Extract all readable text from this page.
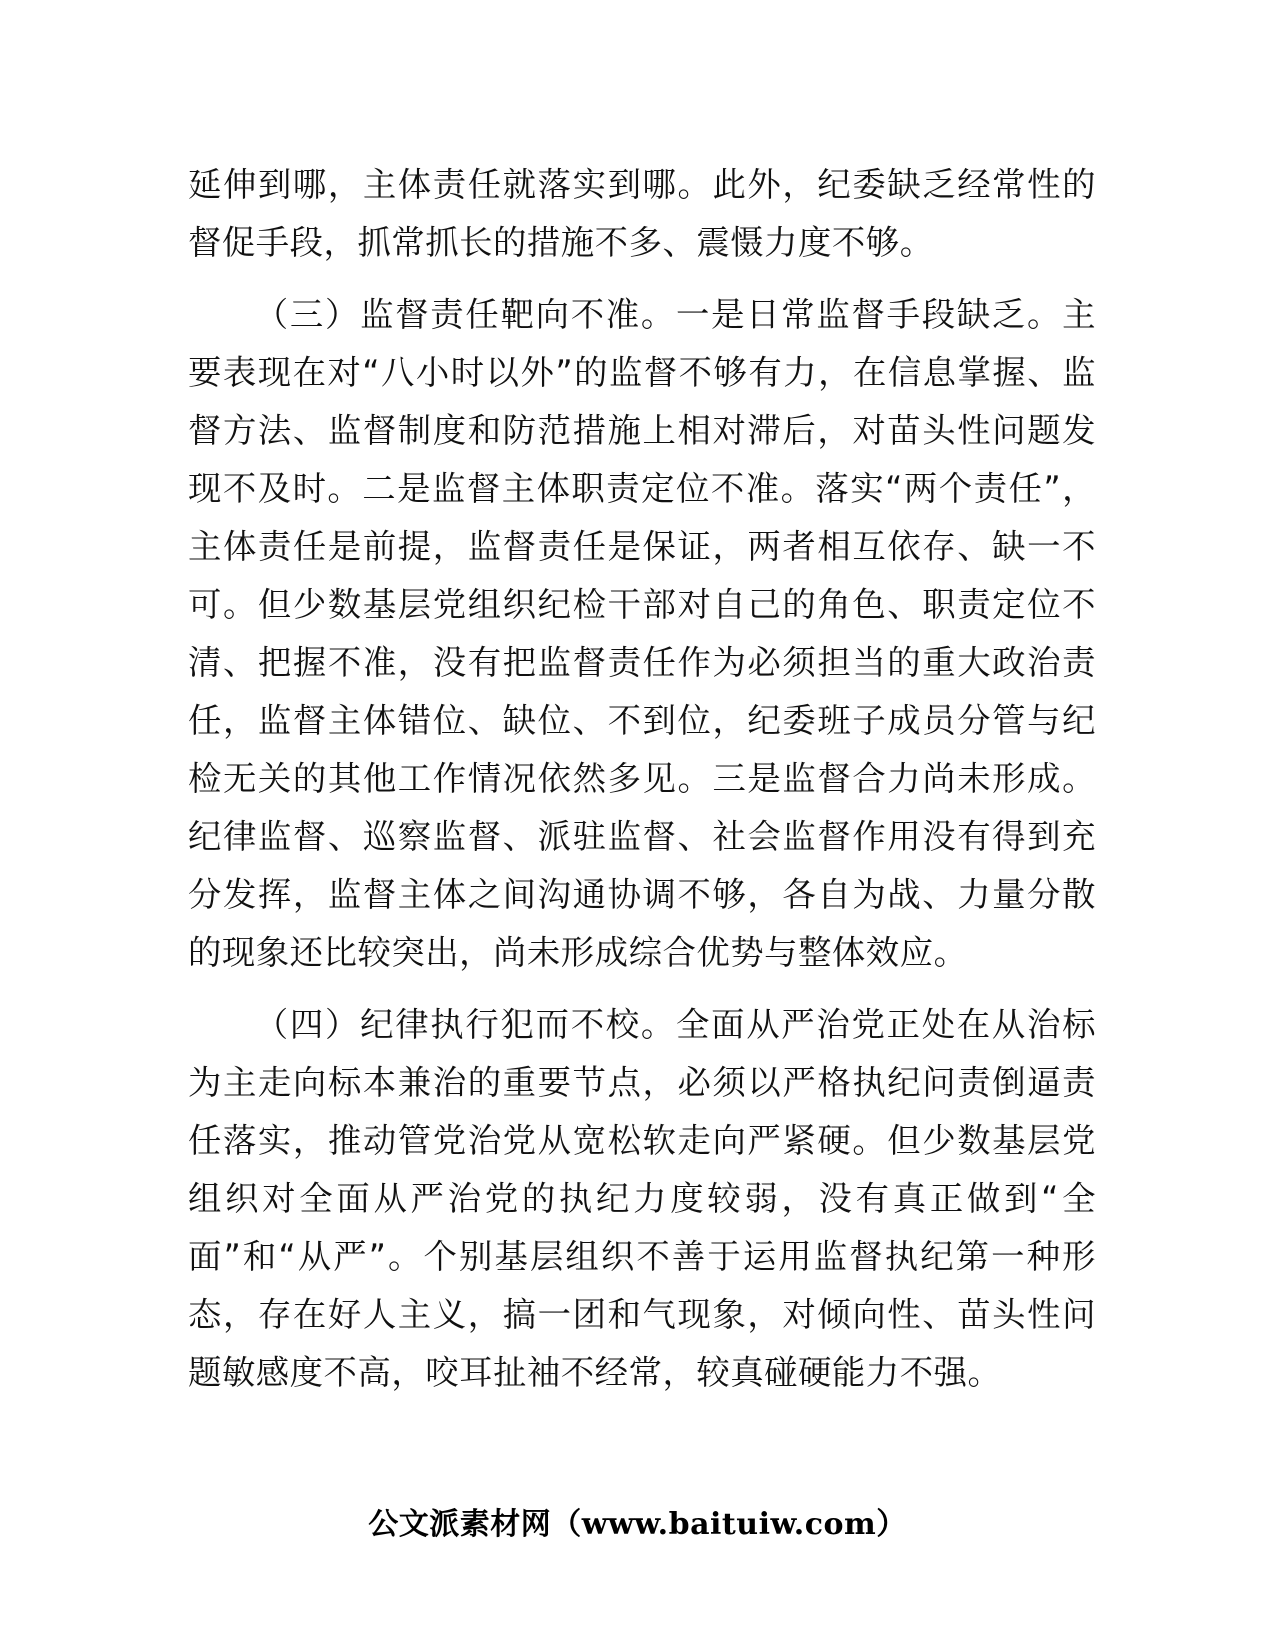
延伸到哪，主体责任就落实到哪。此外，纪委缺乏经常性的督促手段，抓常抓长的措施不多、震慑力度不够。

（三）监督责任靶向不准。一是日常监督手段缺乏。主要表现在对“八小时以外”的监督不够有力，在信息掌握、监督方法、监督制度和防范措施上相对滞后，对苗头性问题发现不及时。二是监督主体职责定位不准。落实“两个责任”，主体责任是前提，监督责任是保证，两者相互依存、缺一不可。但少数基层党组织纪检干部对自己的角色、职责定位不清、把握不准，没有把监督责任作为必须担当的重大政治责任，监督主体错位、缺位、不到位，纪委班子成员分管与纪检无关的其他工作情况依然多见。三是监督合力尚未形成。纪律监督、巡察监督、派驻监督、社会监督作用没有得到充分发挥，监督主体之间沟通协调不够，各自为战、力量分散的现象还比较突出，尚未形成综合优势与整体效应。

（四）纪律执行犯而不校。全面从严治党正处在从治标为主走向标本兼治的重要节点，必须以严格执纪问责倒逼责任落实，推动管党治党从宽松软走向严紧硬。但少数基层党组织对全面从严治党的执纪力度较弱，没有真正做到“全面”和“从严”。个别基层组织不善于运用监督执纪第一种形态，存在好人主义，搞一团和气现象，对倾向性、苗头性问题敏感度不高，咬耳扯袖不经常，较真碰硬能力不强。

公文派素材网（www.baituiw.com）
